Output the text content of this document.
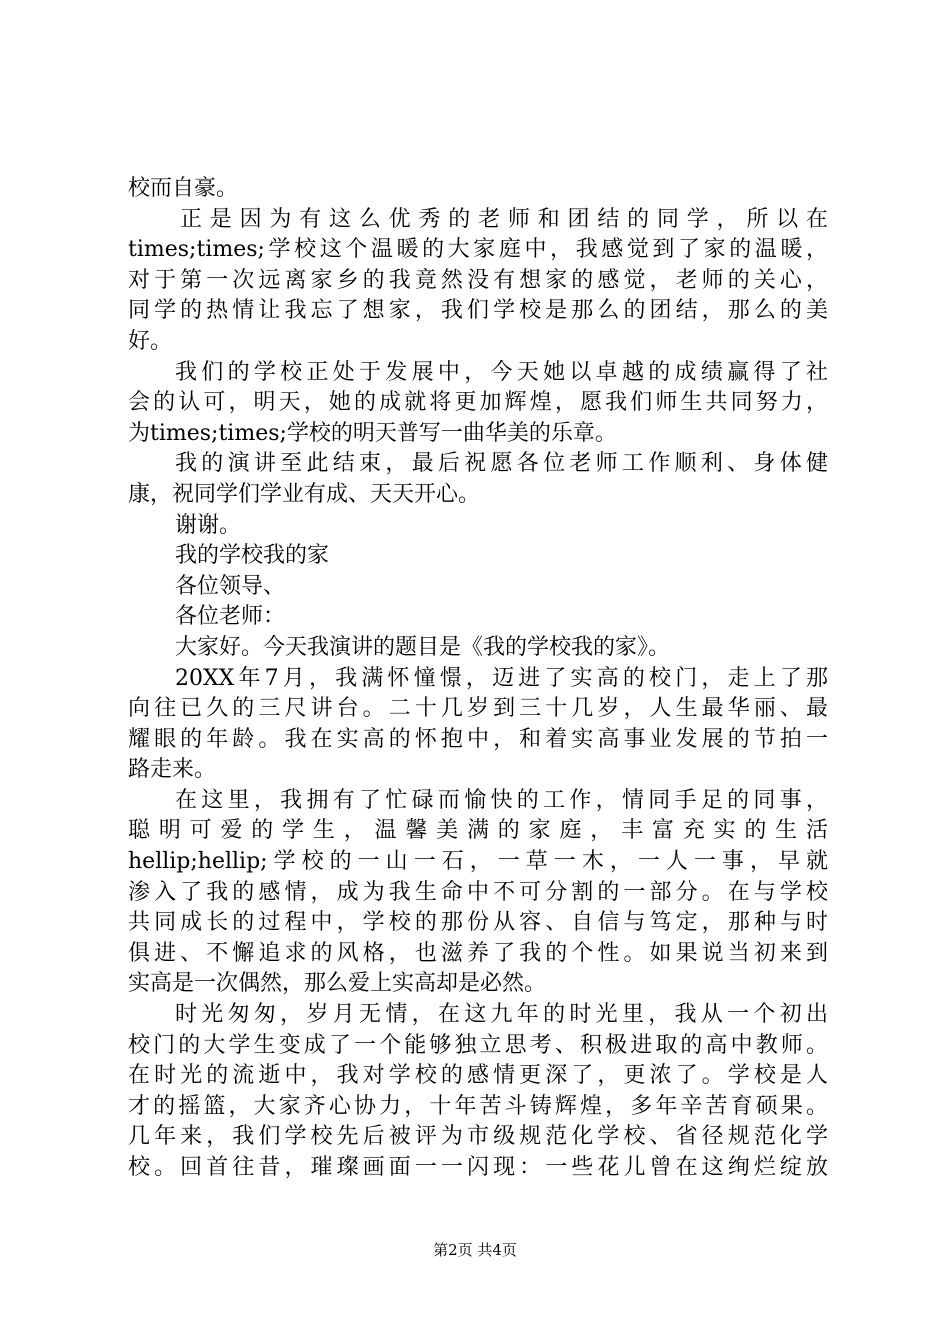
校而自豪。
正是因为有这么优秀的老师和团结的同学，所以在
times;times;学校这个温暖的大家庭中，我感觉到了家的温暖，
对于第一次远离家乡的我竟然没有想家的感觉，老师的关心，
同学的热情让我忘了想家，我们学校是那么的团结，那么的美
好。
我们的学校正处于发展中，今天她以卓越的成绩赢得了社
会的认可，明天，她的成就将更加辉煌，愿我们师生共同努力，
为times;times;学校的明天普写一曲华美的乐章。
我的演讲至此结束，最后祝愿各位老师工作顺利、身体健
康，祝同学们学业有成、天天开心。
谢谢。
我的学校我的家
各位领导、
各位老师：
大家好。今天我演讲的题目是《我的学校我的家》。
20XX年7月，我满怀憧憬，迈进了实高的校门，走上了那
向往已久的三尺讲台。二十几岁到三十几岁，人生最华丽、最
耀眼的年龄。我在实高的怀抱中，和着实高事业发展的节拍一
路走来。
在这里，我拥有了忙碌而愉快的工作，情同手足的同事，
聪明可爱的学生，温馨美满的家庭，丰富充实的生活
hellip;hellip;学校的一山一石，一草一木，一人一事，早就
渗入了我的感情，成为我生命中不可分割的一部分。在与学校
共同成长的过程中，学校的那份从容、自信与笃定，那种与时
俱进、不懈追求的风格，也滋养了我的个性。如果说当初来到
实高是一次偶然，那么爱上实高却是必然。
时光匆匆，岁月无情，在这九年的时光里，我从一个初出
校门的大学生变成了一个能够独立思考、积极进取的高中教师。
在时光的流逝中，我对学校的感情更深了，更浓了。学校是人
才的摇篮，大家齐心协力，十年苦斗铸辉煌，多年辛苦育硕果。
几年来，我们学校先后被评为市级规范化学校、省径规范化学
校。回首往昔，璀璨画面一一闪现：一些花儿曾在这绚烂绽放
第2页 共4页
